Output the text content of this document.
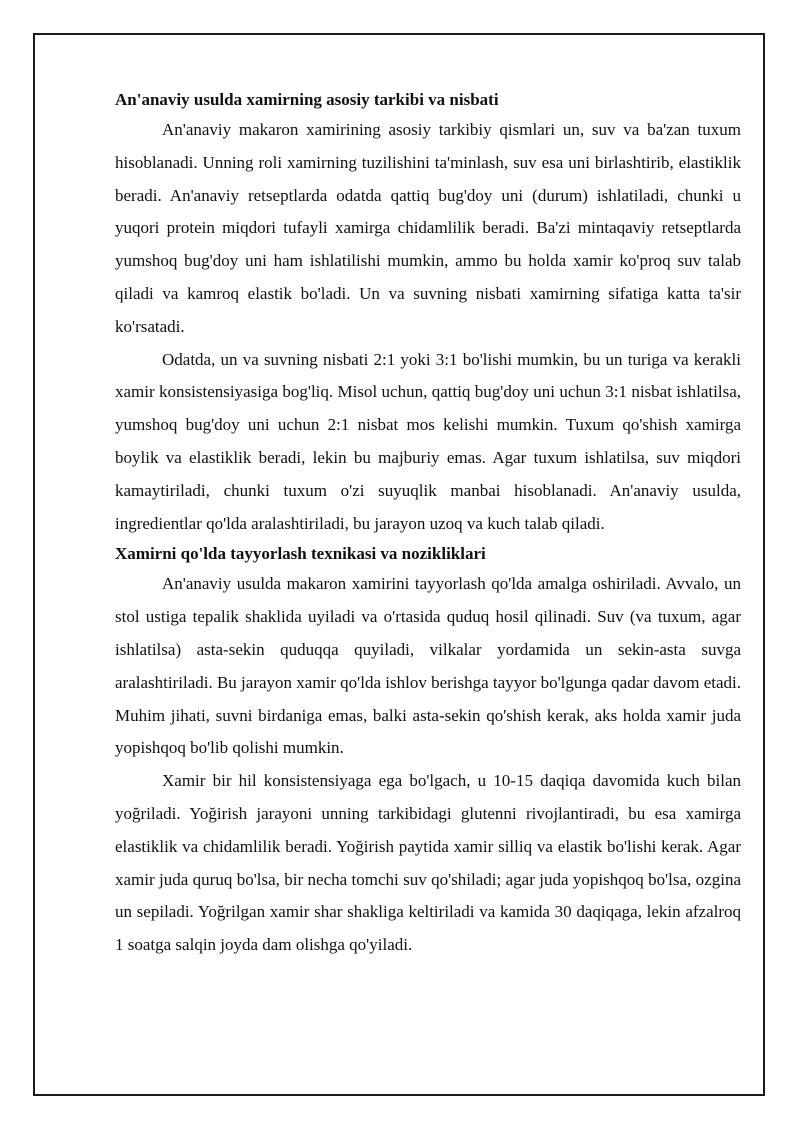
An'anaviy usulda xamirning asosiy tarkibi va nisbati

An'anaviy makaron xamirining asosiy tarkibiy qismlari un, suv va ba'zan tuxum hisoblanadi. Unning roli xamirning tuzilishini ta'minlash, suv esa uni birlashtirib, elastiklik beradi. An'anaviy retseptlarda odatda qattiq bug'doy uni (durum) ishlatiladi, chunki u yuqori protein miqdori tufayli xamirga chidamlilik beradi. Ba'zi mintaqaviy retseptlarda yumshoq bug'doy uni ham ishlatilishi mumkin, ammo bu holda xamir ko'proq suv talab qiladi va kamroq elastik bo'ladi. Un va suvning nisbati xamirning sifatiga katta ta'sir ko'rsatadi.

Odatda, un va suvning nisbati 2:1 yoki 3:1 bo'lishi mumkin, bu un turiga va kerakli xamir konsistensiyasiga bog'liq. Misol uchun, qattiq bug'doy uni uchun 3:1 nisbat ishlatilsa, yumshoq bug'doy uni uchun 2:1 nisbat mos kelishi mumkin. Tuxum qo'shish xamirga boylik va elastiklik beradi, lekin bu majburiy emas. Agar tuxum ishlatilsa, suv miqdori kamaytiriladi, chunki tuxum o'zi suyuqlik manbai hisoblanadi. An'anaviy usulda, ingredientlar qo'lda aralashtiriladi, bu jarayon uzoq va kuch talab qiladi.

Xamirni qo'lda tayyorlash texnikasi va nozikliklari

An'anaviy usulda makaron xamirini tayyorlash qo'lda amalga oshiriladi. Avvalo, un stol ustiga tepalik shaklida uyiladi va o'rtasida quduq hosil qilinadi. Suv (va tuxum, agar ishlatilsa) asta-sekin quduqqa quyiladi, vilkalar yordamida un sekin-asta suvga aralashtiriladi. Bu jarayon xamir qo'lda ishlov berishga tayyor bo'lgunga qadar davom etadi. Muhim jihati, suvni birdaniga emas, balki asta-sekin qo'shish kerak, aks holda xamir juda yopishqoq bo'lib qolishi mumkin.

Xamir bir hil konsistensiyaga ega bo'lgach, u 10-15 daqiqa davomida kuch bilan yoğriladi. Yoğirish jarayoni unning tarkibidagi glutenni rivojlantiradi, bu esa xamirga elastiklik va chidamlilik beradi. Yoğirish paytida xamir silliq va elastik bo'lishi kerak. Agar xamir juda quruq bo'lsa, bir necha tomchi suv qo'shiladi; agar juda yopishqoq bo'lsa, ozgina un sepiladi. Yoğrilgan xamir shar shakliga keltiriladi va kamida 30 daqiqaga, lekin afzalroq 1 soatga salqin joyda dam olishga qo'yiladi.
